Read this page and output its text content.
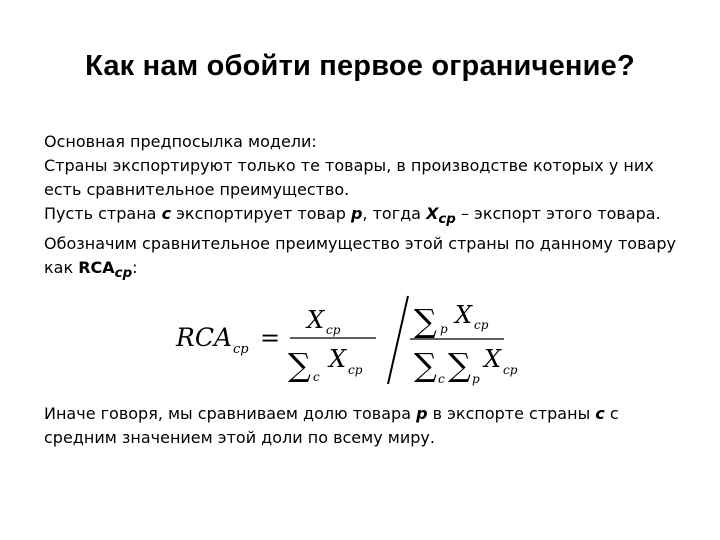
Как нам обойти первое ограничение?
Основная предпосылка модели:
Страны экспортируют только те товары, в производстве которых у них
есть сравнительное преимущество.
Пусть страна c экспортирует товар p, тогда $X_{cp}$ – экспорт этого товара.
Обозначим сравнительное преимущество этой страны по данному товару
как $RCA_{cp}$:
RCA cp =
X cp
∑ c
X cp
∑ p X cp
∑ c ∑ p
X cp
Иначе говоря, мы сравниваем долю товара p в экспорте страны c с
средним значением этой доли по всему миру.
